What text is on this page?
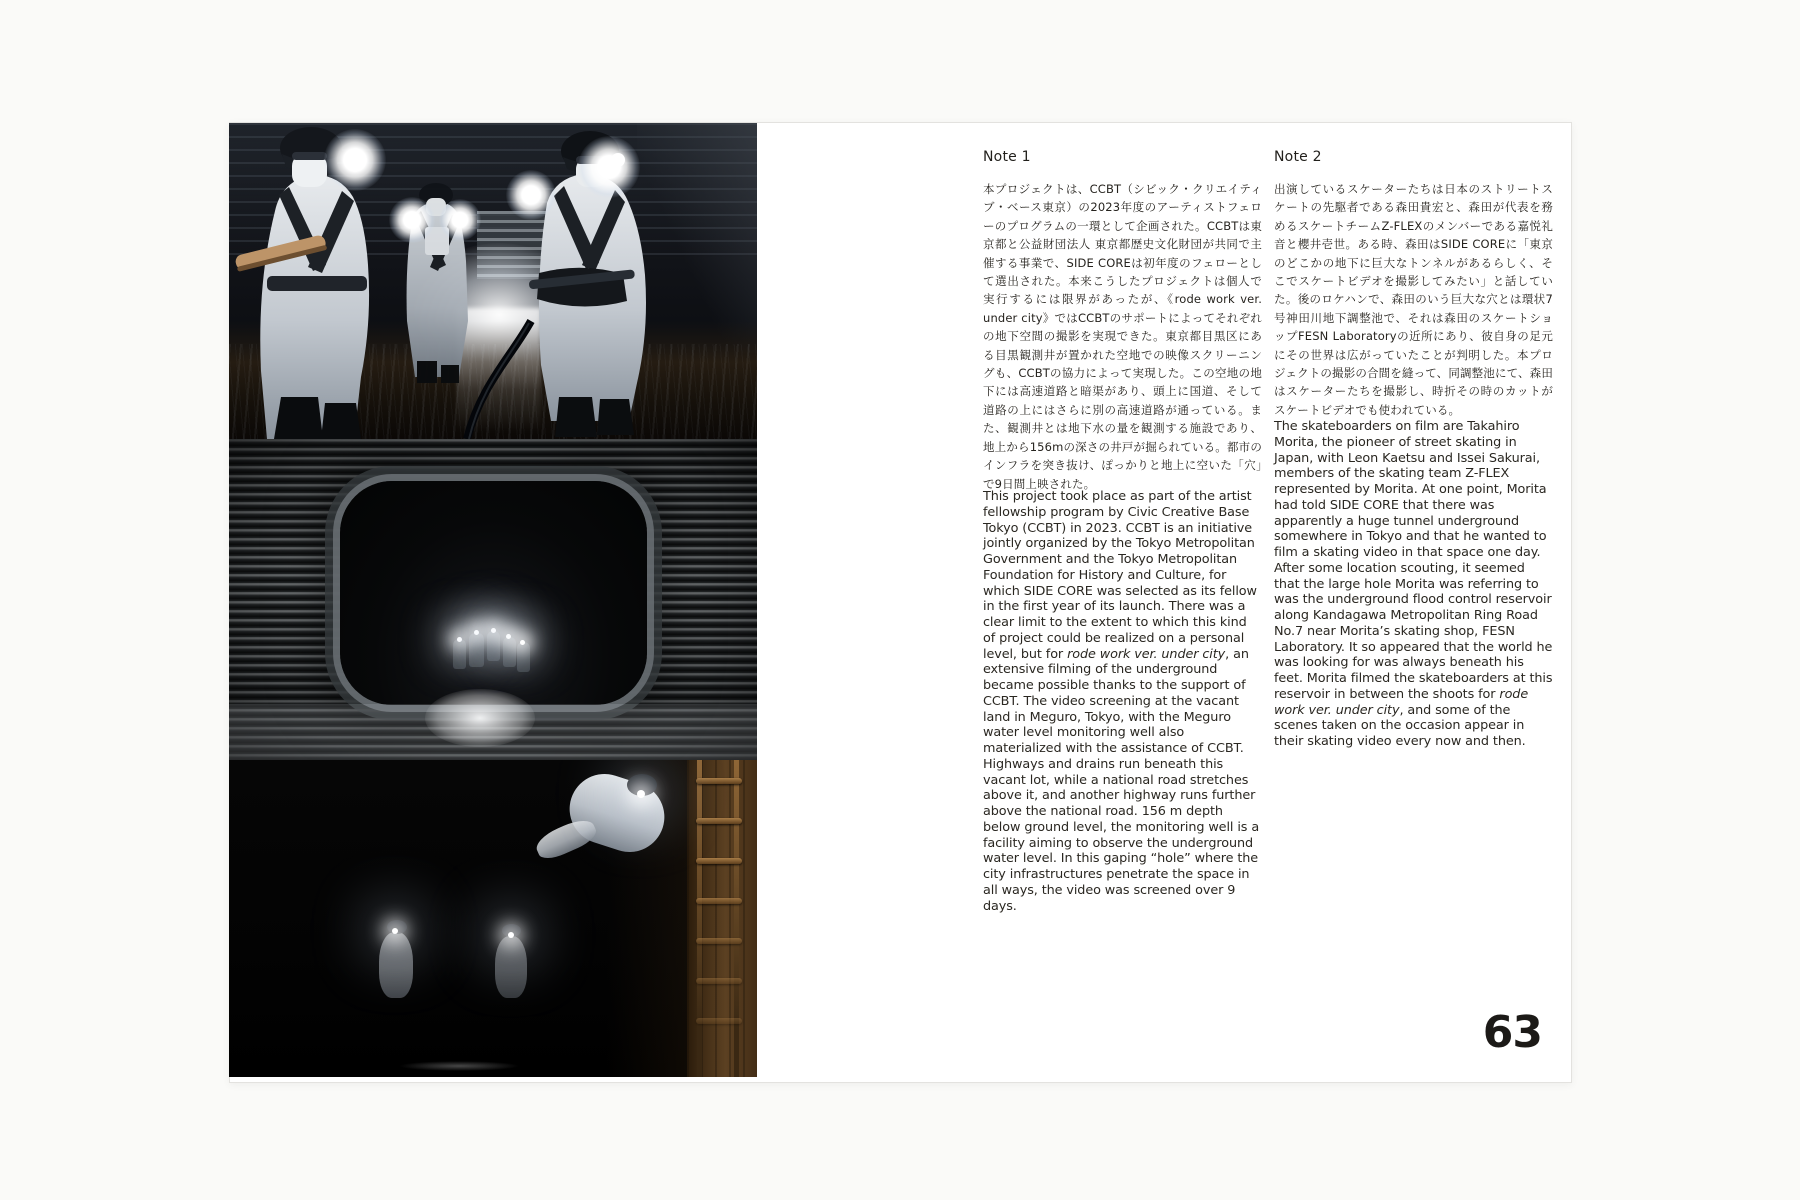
Note 1
本プロジェクトは、CCBT（シビック・クリエイティブ・ベース東京）の2023年度のアーティストフェローのプログラムの一環として企画された。CCBTは東京都と公益財団法人 東京都歴史文化財団が共同で主催する事業で、SIDE COREは初年度のフェローとして選出された。本来こうしたプロジェクトは個人で実行するには限界があったが、《rode work ver. under city》ではCCBTのサポートによってそれぞれの地下空間の撮影を実現できた。東京都目黒区にある目黒観測井が置かれた空地での映像スクリーニングも、CCBTの協力によって実現した。この空地の地下には高速道路と暗渠があり、頭上に国道、そして道路の上にはさらに別の高速道路が通っている。また、観測井とは地下水の量を観測する施設であり、地上から156mの深さの井戸が掘られている。都市のインフラを突き抜け、ぽっかりと地上に空いた「穴」で9日間上映された。
This project took place as part of the artist fellowship program by Civic Creative Base Tokyo (CCBT) in 2023. CCBT is an initiative jointly organized by the Tokyo Metropolitan Government and the Tokyo Metropolitan Foundation for History and Culture, for which SIDE CORE was selected as its fellow in the first year of its launch. There was a clear limit to the extent to which this kind of project could be realized on a personal level, but for rode work ver. under city, an extensive filming of the underground became possible thanks to the support of CCBT. The video screening at the vacant land in Meguro, Tokyo, with the Meguro water level monitoring well also materialized with the assistance of CCBT. Highways and drains run beneath this vacant lot, while a national road stretches above it, and another highway runs further above the national road. 156 m depth below ground level, the monitoring well is a facility aiming to observe the underground water level. In this gaping “hole” where the city infrastructures penetrate the space in all ways, the video was screened over 9 days.
Note 2
出演しているスケーターたちは日本のストリートスケートの先駆者である森田貴宏と、森田が代表を務めるスケートチームZ-FLEXのメンバーである嘉悦礼音と櫻井壱世。ある時、森田はSIDE COREに「東京のどこかの地下に巨大なトンネルがあるらしく、そこでスケートビデオを撮影してみたい」と話していた。後のロケハンで、森田のいう巨大な穴とは環状7号神田川地下調整池で、それは森田のスケートショップFESN Laboratoryの近所にあり、彼自身の足元にその世界は広がっていたことが判明した。本プロジェクトの撮影の合間を縫って、同調整池にて、森田はスケーターたちを撮影し、時折その時のカットがスケートビデオでも使われている。
The skateboarders on film are Takahiro Morita, the pioneer of street skating in Japan, with Leon Kaetsu and Issei Sakurai, members of the skating team Z-FLEX represented by Morita. At one point, Morita had told SIDE CORE that there was apparently a huge tunnel underground somewhere in Tokyo and that he wanted to film a skating video in that space one day. After some location scouting, it seemed that the large hole Morita was referring to was the underground flood control reservoir along Kandagawa Metropolitan Ring Road No.7 near Morita’s skating shop, FESN Laboratory. It so appeared that the world he was looking for was always beneath his feet. Morita filmed the skateboarders at this reservoir in between the shoots for rode work ver. under city, and some of the scenes taken on the occasion appear in their skating video every now and then.
63
